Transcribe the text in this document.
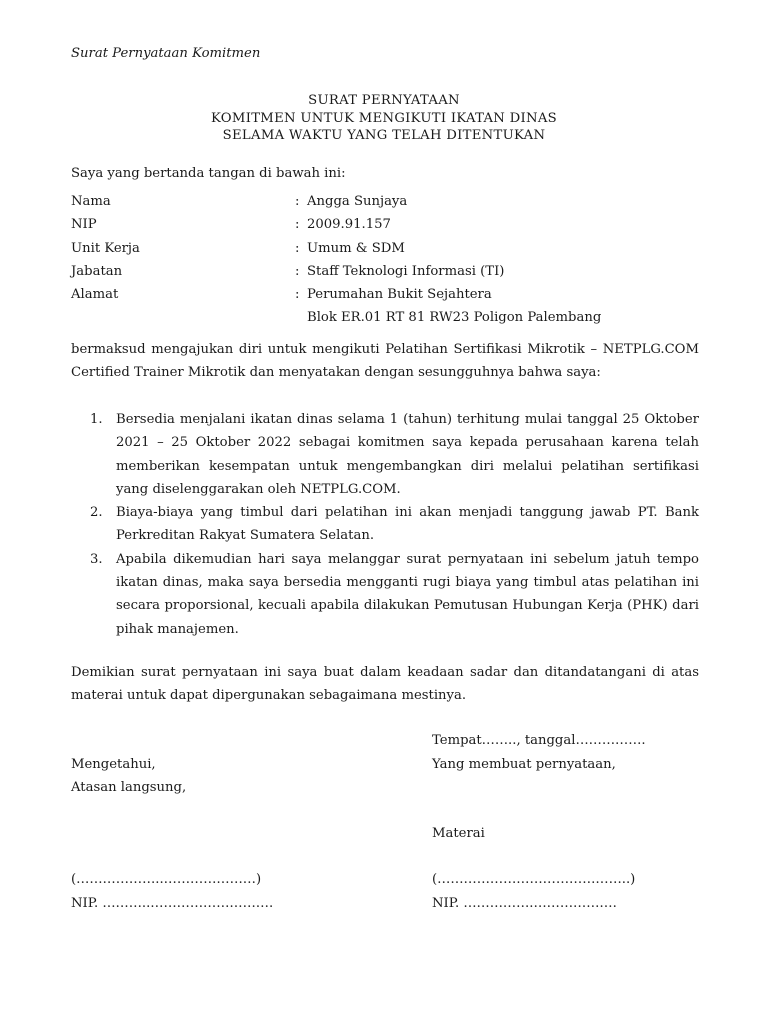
Surat Pernyataan Komitmen
SURAT PERNYATAAN
KOMITMEN UNTUK MENGIKUTI IKATAN DINAS
SELAMA WAKTU YANG TELAH DITENTUKAN
Saya yang bertanda tangan di bawah ini:
Nama	: Angga Sunjaya
NIP	: 2009.91.157
Unit Kerja	: Umum & SDM
Jabatan	: Staff Teknologi Informasi (TI)
Alamat	: Perumahan Bukit Sejahtera
Blok ER.01 RT 81 RW23 Poligon Palembang
bermaksud mengajukan diri untuk mengikuti Pelatihan Sertifikasi Mikrotik – NETPLG.COM Certified Trainer Mikrotik dan menyatakan dengan sesungguhnya bahwa saya:
1.	Bersedia menjalani ikatan dinas selama 1 (tahun) terhitung mulai tanggal 25 Oktober 2021 – 25 Oktober 2022 sebagai komitmen saya kepada perusahaan karena telah memberikan kesempatan untuk mengembangkan diri melalui pelatihan sertifikasi yang diselenggarakan oleh NETPLG.COM.
2.	Biaya-biaya yang timbul dari pelatihan ini akan menjadi tanggung jawab PT. Bank Perkreditan Rakyat Sumatera Selatan.
3.	Apabila dikemudian hari saya melanggar surat pernyataan ini sebelum jatuh tempo ikatan dinas, maka saya bersedia mengganti rugi biaya yang timbul atas pelatihan ini secara proporsional, kecuali apabila dilakukan Pemutusan Hubungan Kerja (PHK) dari pihak manajemen.
Demikian surat pernyataan ini saya buat dalam keadaan sadar dan ditandatangani di atas materai untuk dapat dipergunakan sebagaimana mestinya.
Tempat…….., tanggal…………….
Mengetahui,	Yang membuat pernyataan,
Atasan langsung,
Materai
(………………..…………………)	(……………………………………..)
NIP. ………..……………………….	NIP. …………….……………….
